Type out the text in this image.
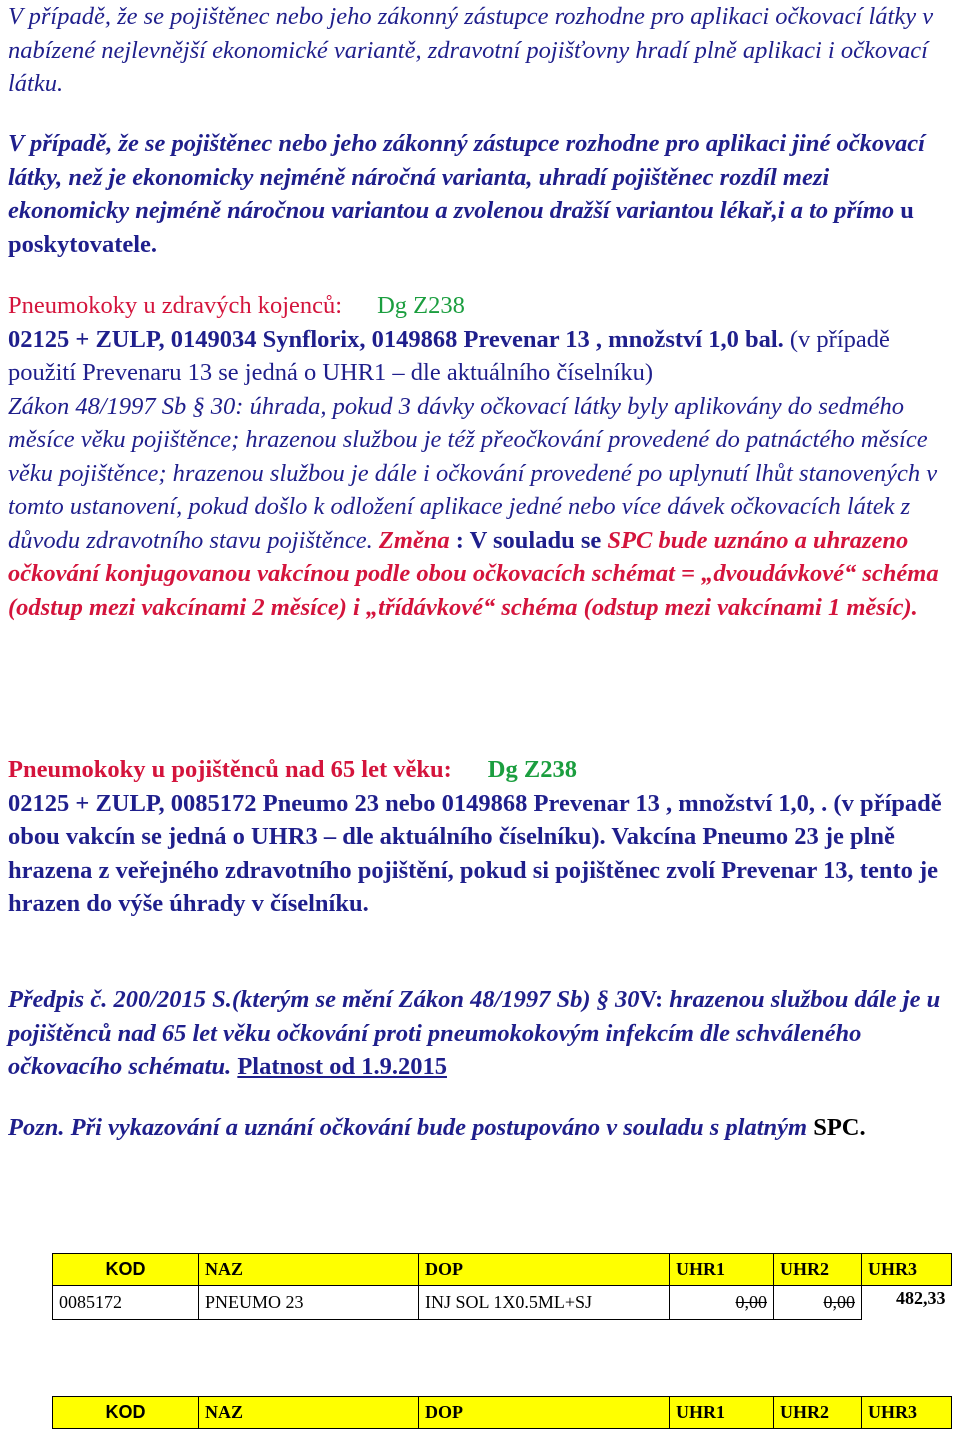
V případě, že se pojištěnec nebo jeho zákonný zástupce rozhodne pro aplikaci očkovací látky v nabízené nejlevnější ekonomické variantě, zdravotní pojišťovny hradí plně aplikaci i očkovací látku.

V případě, že se pojištěnec nebo jeho zákonný zástupce rozhodne pro aplikaci jiné očkovací látky, než je ekonomicky nejméně náročná varianta, uhradí pojištěnec rozdíl mezi ekonomicky nejméně náročnou variantou a zvolenou dražší variantou lékař,i a to přímo u poskytovatele.

Pneumokoky u zdravých kojenců: Dg Z238
02125 + ZULP, 0149034 Synflorix, 0149868 Prevenar 13 , množství 1,0 bal. (v případě použití Prevenaru 13 se jedná o UHR1 – dle aktuálního číselníku)
Zákon 48/1997 Sb § 30: úhrada, pokud 3 dávky očkovací látky byly aplikovány do sedmého měsíce věku pojištěnce; hrazenou službou je též přeočkování provedené do patnáctého měsíce věku pojištěnce; hrazenou službou je dále i očkování provedené po uplynutí lhůt stanovených v tomto ustanovení, pokud došlo k odložení aplikace jedné nebo více dávek očkovacích látek z důvodu zdravotního stavu pojištěnce. Změna : V souladu se SPC bude uznáno a uhrazeno očkování konjugovanou vakcínou podle obou očkovacích schémat = „dvoudávkové“ schéma (odstup mezi vakcínami 2 měsíce) i „třídávkové“ schéma (odstup mezi vakcínami 1 měsíc).

Pneumokoky u pojištěnců nad 65 let věku: Dg Z238
02125 + ZULP, 0085172 Pneumo 23 nebo 0149868 Prevenar 13 , množství 1,0, . (v případě obou vakcín se jedná o UHR3 – dle aktuálního číselníku). Vakcína Pneumo 23 je plně hrazena z veřejného zdravotního pojištění, pokud si pojištěnec zvolí Prevenar 13, tento je hrazen do výše úhrady v číselníku.

Předpis č. 200/2015 S.(kterým se mění Zákon 48/1997 Sb) § 30V: hrazenou službou dále je u pojištěnců nad 65 let věku očkování proti pneumokokovým infekcím dle schváleného očkovacího schématu. Platnost od 1.9.2015

Pozn. Při vykazování a uznání očkování bude postupováno v souladu s platným SPC.

KOD	NAZ	DOP	UHR1	UHR2	UHR3
0085172	PNEUMO 23	INJ SOL 1X0.5ML+SJ	0,00	0,00	482,33
KOD	NAZ	DOP	UHR1	UHR2	UHR3
